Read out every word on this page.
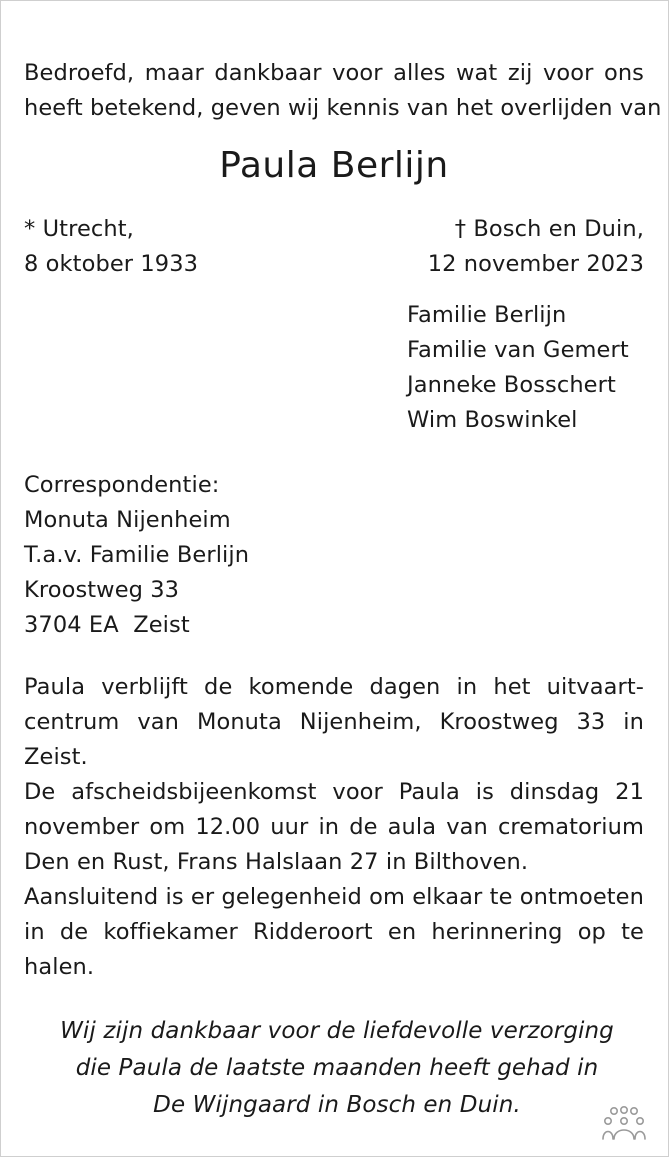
Bedroefd, maar dankbaar voor alles wat zij voor ons
heeft betekend, geven wij kennis van het overlijden van
Paula Berlijn
* Utrecht,
8 oktober 1933
† Bosch en Duin,
12 november 2023
Familie Berlijn
Familie van Gemert
Janneke Bosschert
Wim Boswinkel
Correspondentie:
Monuta Nijenheim
T.a.v. Familie Berlijn
Kroostweg 33
3704 EA  Zeist
Paula verblijft de komende dagen in het uitvaart-
centrum van Monuta Nijenheim, Kroostweg 33 in
Zeist.
De afscheidsbijeenkomst voor Paula is dinsdag 21
november om 12.00 uur in de aula van crematorium
Den en Rust, Frans Halslaan 27 in Bilthoven.
Aansluitend is er gelegenheid om elkaar te ontmoeten
in de koffiekamer Ridderoort en herinnering op te
halen.
Wij zijn dankbaar voor de liefdevolle verzorging
die Paula de laatste maanden heeft gehad in
De Wijngaard in Bosch en Duin.
